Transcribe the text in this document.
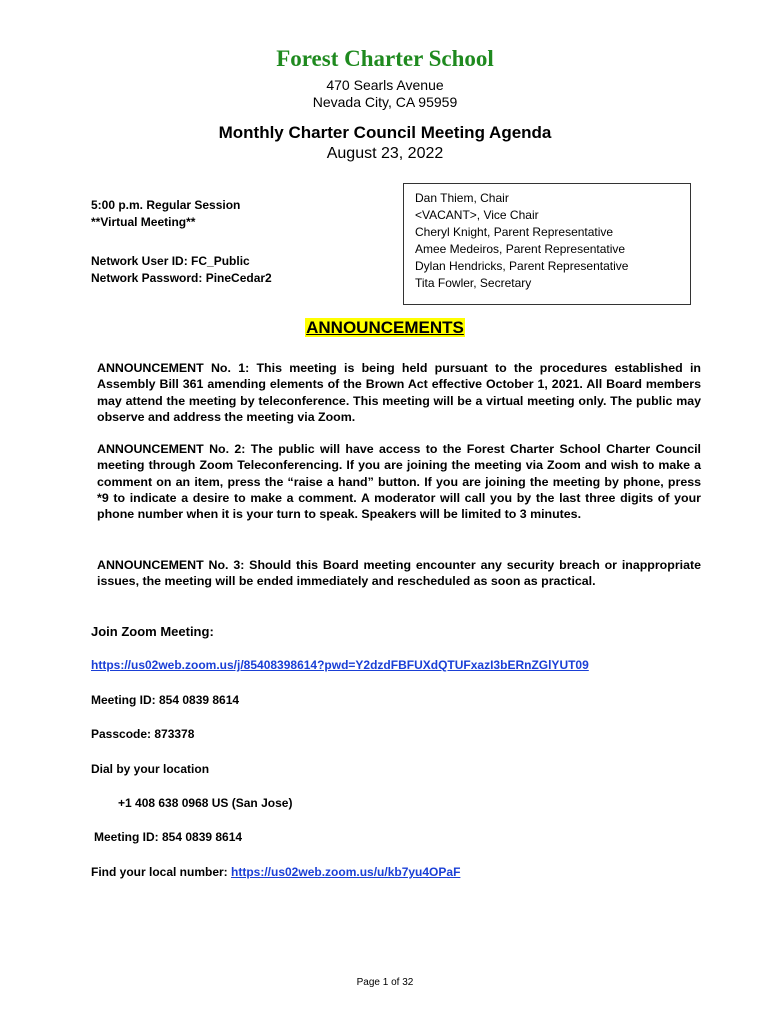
Forest Charter School
470 Searls Avenue
Nevada City, CA 95959
Monthly Charter Council Meeting Agenda
August 23, 2022
5:00 p.m. Regular Session
**Virtual Meeting**
Network User ID: FC_Public
Network Password: PineCedar2
Dan Thiem, Chair
<VACANT>, Vice Chair
Cheryl Knight, Parent Representative
Amee Medeiros, Parent Representative
Dylan Hendricks, Parent Representative
Tita Fowler, Secretary
ANNOUNCEMENTS
ANNOUNCEMENT No. 1: This meeting is being held pursuant to the procedures established in Assembly Bill 361 amending elements of the Brown Act effective October 1, 2021. All Board members may attend the meeting by teleconference. This meeting will be a virtual meeting only. The public may observe and address the meeting via Zoom.
ANNOUNCEMENT No. 2: The public will have access to the Forest Charter School Charter Council meeting through Zoom Teleconferencing. If you are joining the meeting via Zoom and wish to make a comment on an item, press the “raise a hand” button. If you are joining the meeting by phone, press *9 to indicate a desire to make a comment. A moderator will call you by the last three digits of your phone number when it is your turn to speak. Speakers will be limited to 3 minutes.
ANNOUNCEMENT No. 3: Should this Board meeting encounter any security breach or inappropriate issues, the meeting will be ended immediately and rescheduled as soon as practical.
Join Zoom Meeting:
https://us02web.zoom.us/j/85408398614?pwd=Y2dzdFBFUXdQTUFxazI3bERnZGlYUT09
Meeting ID: 854 0839 8614
Passcode: 873378
Dial by your location
+1 408 638 0968 US (San Jose)
Meeting ID: 854 0839 8614
Find your local number: https://us02web.zoom.us/u/kb7yu4OPaF
Page 1 of 32
